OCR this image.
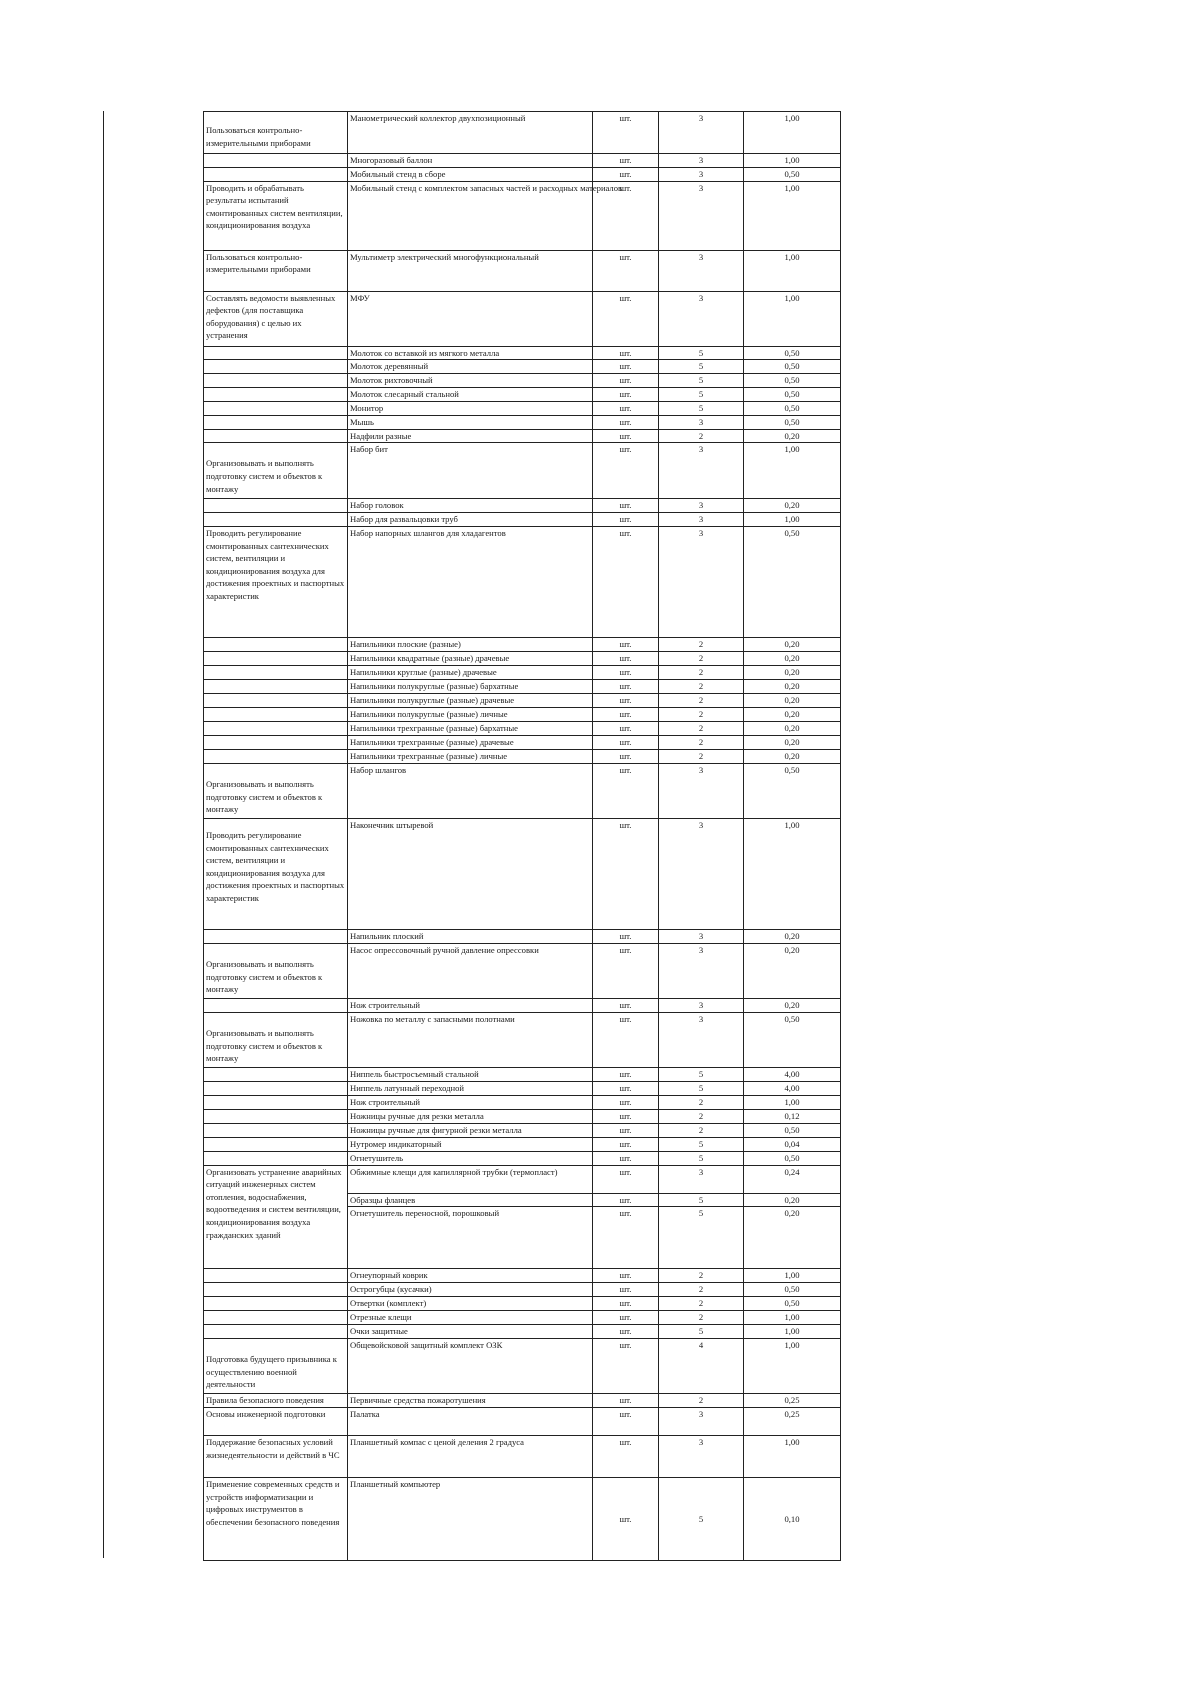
Пользоваться контрольно-измерительными приборами	Манометрический коллектор двухпозиционный	шт.	3	1,00

	Многоразовый баллон	шт.	3	1,00

	Мобильный стенд в сборе	шт.	3	0,50

Проводить и обрабатывать результаты испытаний смонтированных систем вентиляции, кондиционирования воздуха	Мобильный стенд с комплектом запасных частей и расходных материалов	шт.	3	1,00

Пользоваться контрольно-измерительными приборами	Мультиметр электрический многофункциональный	шт.	3	1,00

Составлять ведомости выявленных дефектов (для поставщика оборудования) с целью их устранения	МФУ	шт.	3	1,00

	Молоток со вставкой из мягкого металла	шт.	5	0,50

	Молоток деревянный	шт.	5	0,50

	Молоток рихтовочный	шт.	5	0,50

	Молоток слесарный стальной	шт.	5	0,50

	Монитор	шт.	5	0,50

	Мышь	шт.	3	0,50

	Надфили разные	шт.	2	0,20

Организовывать и выполнять подготовку систем и объектов к монтажу	Набор бит	шт.	3	1,00

	Набор головок	шт.	3	0,20

	Набор для развальцовки труб	шт.	3	1,00

Проводить регулирование смонтированных сантехнических систем, вентиляции и кондиционирования воздуха для достижения проектных и паспортных характеристик	Набор напорных шлангов для хладагентов	шт.	3	0,50

	Напильники плоские (разные)	шт.	2	0,20

	Напильники квадратные (разные) драчевые	шт.	2	0,20

	Напильники круглые (разные) драчевые	шт.	2	0,20

	Напильники полукруглые (разные) бархатные	шт.	2	0,20

	Напильники полукруглые (разные) драчевые	шт.	2	0,20

	Напильники полукруглые (разные) личные	шт.	2	0,20

	Напильники трехгранные (разные) бархатные	шт.	2	0,20

	Напильники трехгранные (разные) драчевые	шт.	2	0,20

	Напильники трехгранные (разные) личные	шт.	2	0,20

Организовывать и выполнять подготовку систем и объектов к монтажу	Набор шлангов	шт.	3	0,50

Проводить регулирование смонтированных сантехнических систем, вентиляции и кондиционирования воздуха для достижения проектных и паспортных характеристик	Наконечник штыревой	шт.	3	1,00

	Напильник плоский	шт.	3	0,20

Организовывать и выполнять подготовку систем и объектов к монтажу	Насос опрессовочный ручной давление опрессовки	шт.	3	0,20

	Нож строительный	шт.	3	0,20

Организовывать и выполнять подготовку систем и объектов к монтажу	Ножовка по металлу с запасными полотнами	шт.	3	0,50

	Ниппель быстросъемный стальной	шт.	5	4,00

	Ниппель латунный переходной	шт.	5	4,00

	Нож строительный	шт.	2	1,00

	Ножницы ручные для резки металла	шт.	2	0,12

	Ножницы ручные для фигурной резки металла	шт.	2	0,50

	Нутромер индикаторный	шт.	5	0,04

	Огнетушитель	шт.	5	0,50

Организовать устранение аварийных ситуаций инженерных систем отопления, водоснабжения, водоотведения и систем вентиляции, кондиционирования воздуха гражданских зданий	Обжимные клещи для капиллярной трубки (термопласт)	шт.	3	0,24
	Образцы фланцев	шт.	5	0,20
	Огнетушитель переносной, порошковый	шт.	5	0,20

	Огнеупорный коврик	шт.	2	1,00

	Острогубцы (кусачки)	шт.	2	0,50

	Отвертки (комплект)	шт.	2	0,50

	Отрезные клещи	шт.	2	1,00

	Очки защитные	шт.	5	1,00

Подготовка будущего призывника к осуществлению военной деятельности	Общевойсковой защитный комплект ОЗК	шт.	4	1,00

Правила безопасного поведения	Первичные средства пожаротушения	шт.	2	0,25

Основы инженерной подготовки	Палатка	шт.	3	0,25

Поддержание безопасных условий жизнедеятельности и действий в ЧС	Планшетный компас с ценой деления 2 градуса	шт.	3	1,00

Применение современных средств и устройств информатизации и цифровых инструментов в обеспечении безопасного поведения	Планшетный компьютер	шт.	5	0,10
